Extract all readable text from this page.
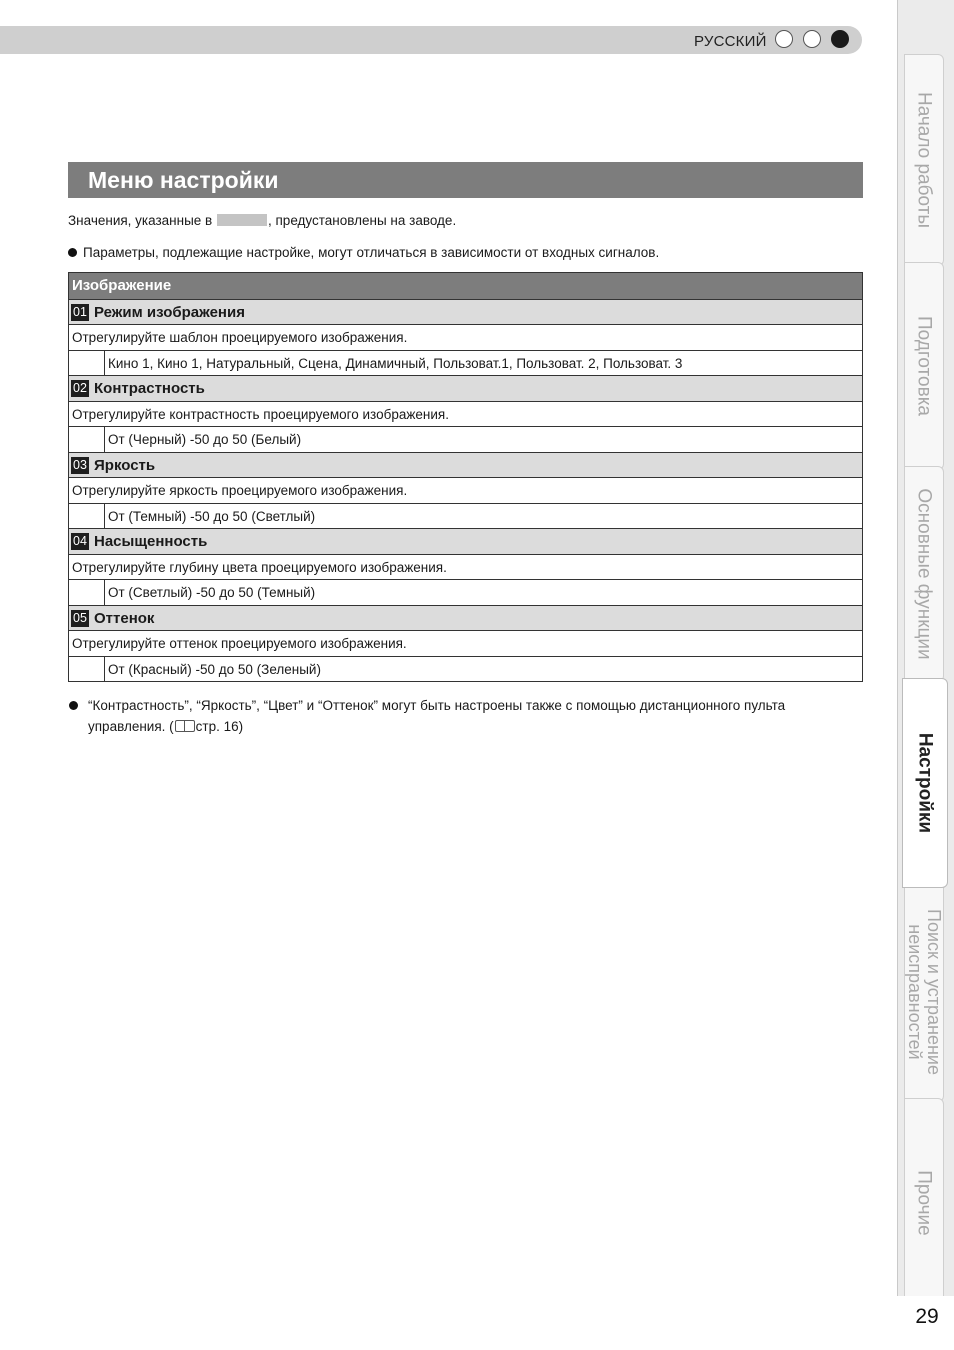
РУССКИЙ
Меню настройки
Значения, указанные в	, предустановлены на заводе.
Параметры, подлежащие настройке, могут отличаться в зависимости от входных сигналов.
Изображение
01 Режим изображения
Отрегулируйте шаблон проецируемого изображения.
Кино 1, Кино 1, Натуральный, Сцена, Динамичный, Пользоват.1, Пользоват. 2, Пользоват. 3
02 Контрастность
Отрегулируйте контрастность проецируемого изображения.
От (Черный) -50 до 50 (Белый)
03 Яркость
Отрегулируйте яркость проецируемого изображения.
От (Темный) -50 до 50 (Светлый)
04 Насыщенность
Отрегулируйте глубину цвета проецируемого изображения.
От (Светлый) -50 до 50 (Темный)
05 Оттенок
Отрегулируйте оттенок проецируемого изображения.
От (Красный) -50 до 50 (Зеленый)
“Контрастность”, “Яркость”, “Цвет” и “Оттенок” могут быть настроены также с помощью дистанционного пульта управления. ( стр. 16)
Начало работы
Подготовка
Основные функции
Поиск и устранение неисправностей
Прочие
Настройки
29
